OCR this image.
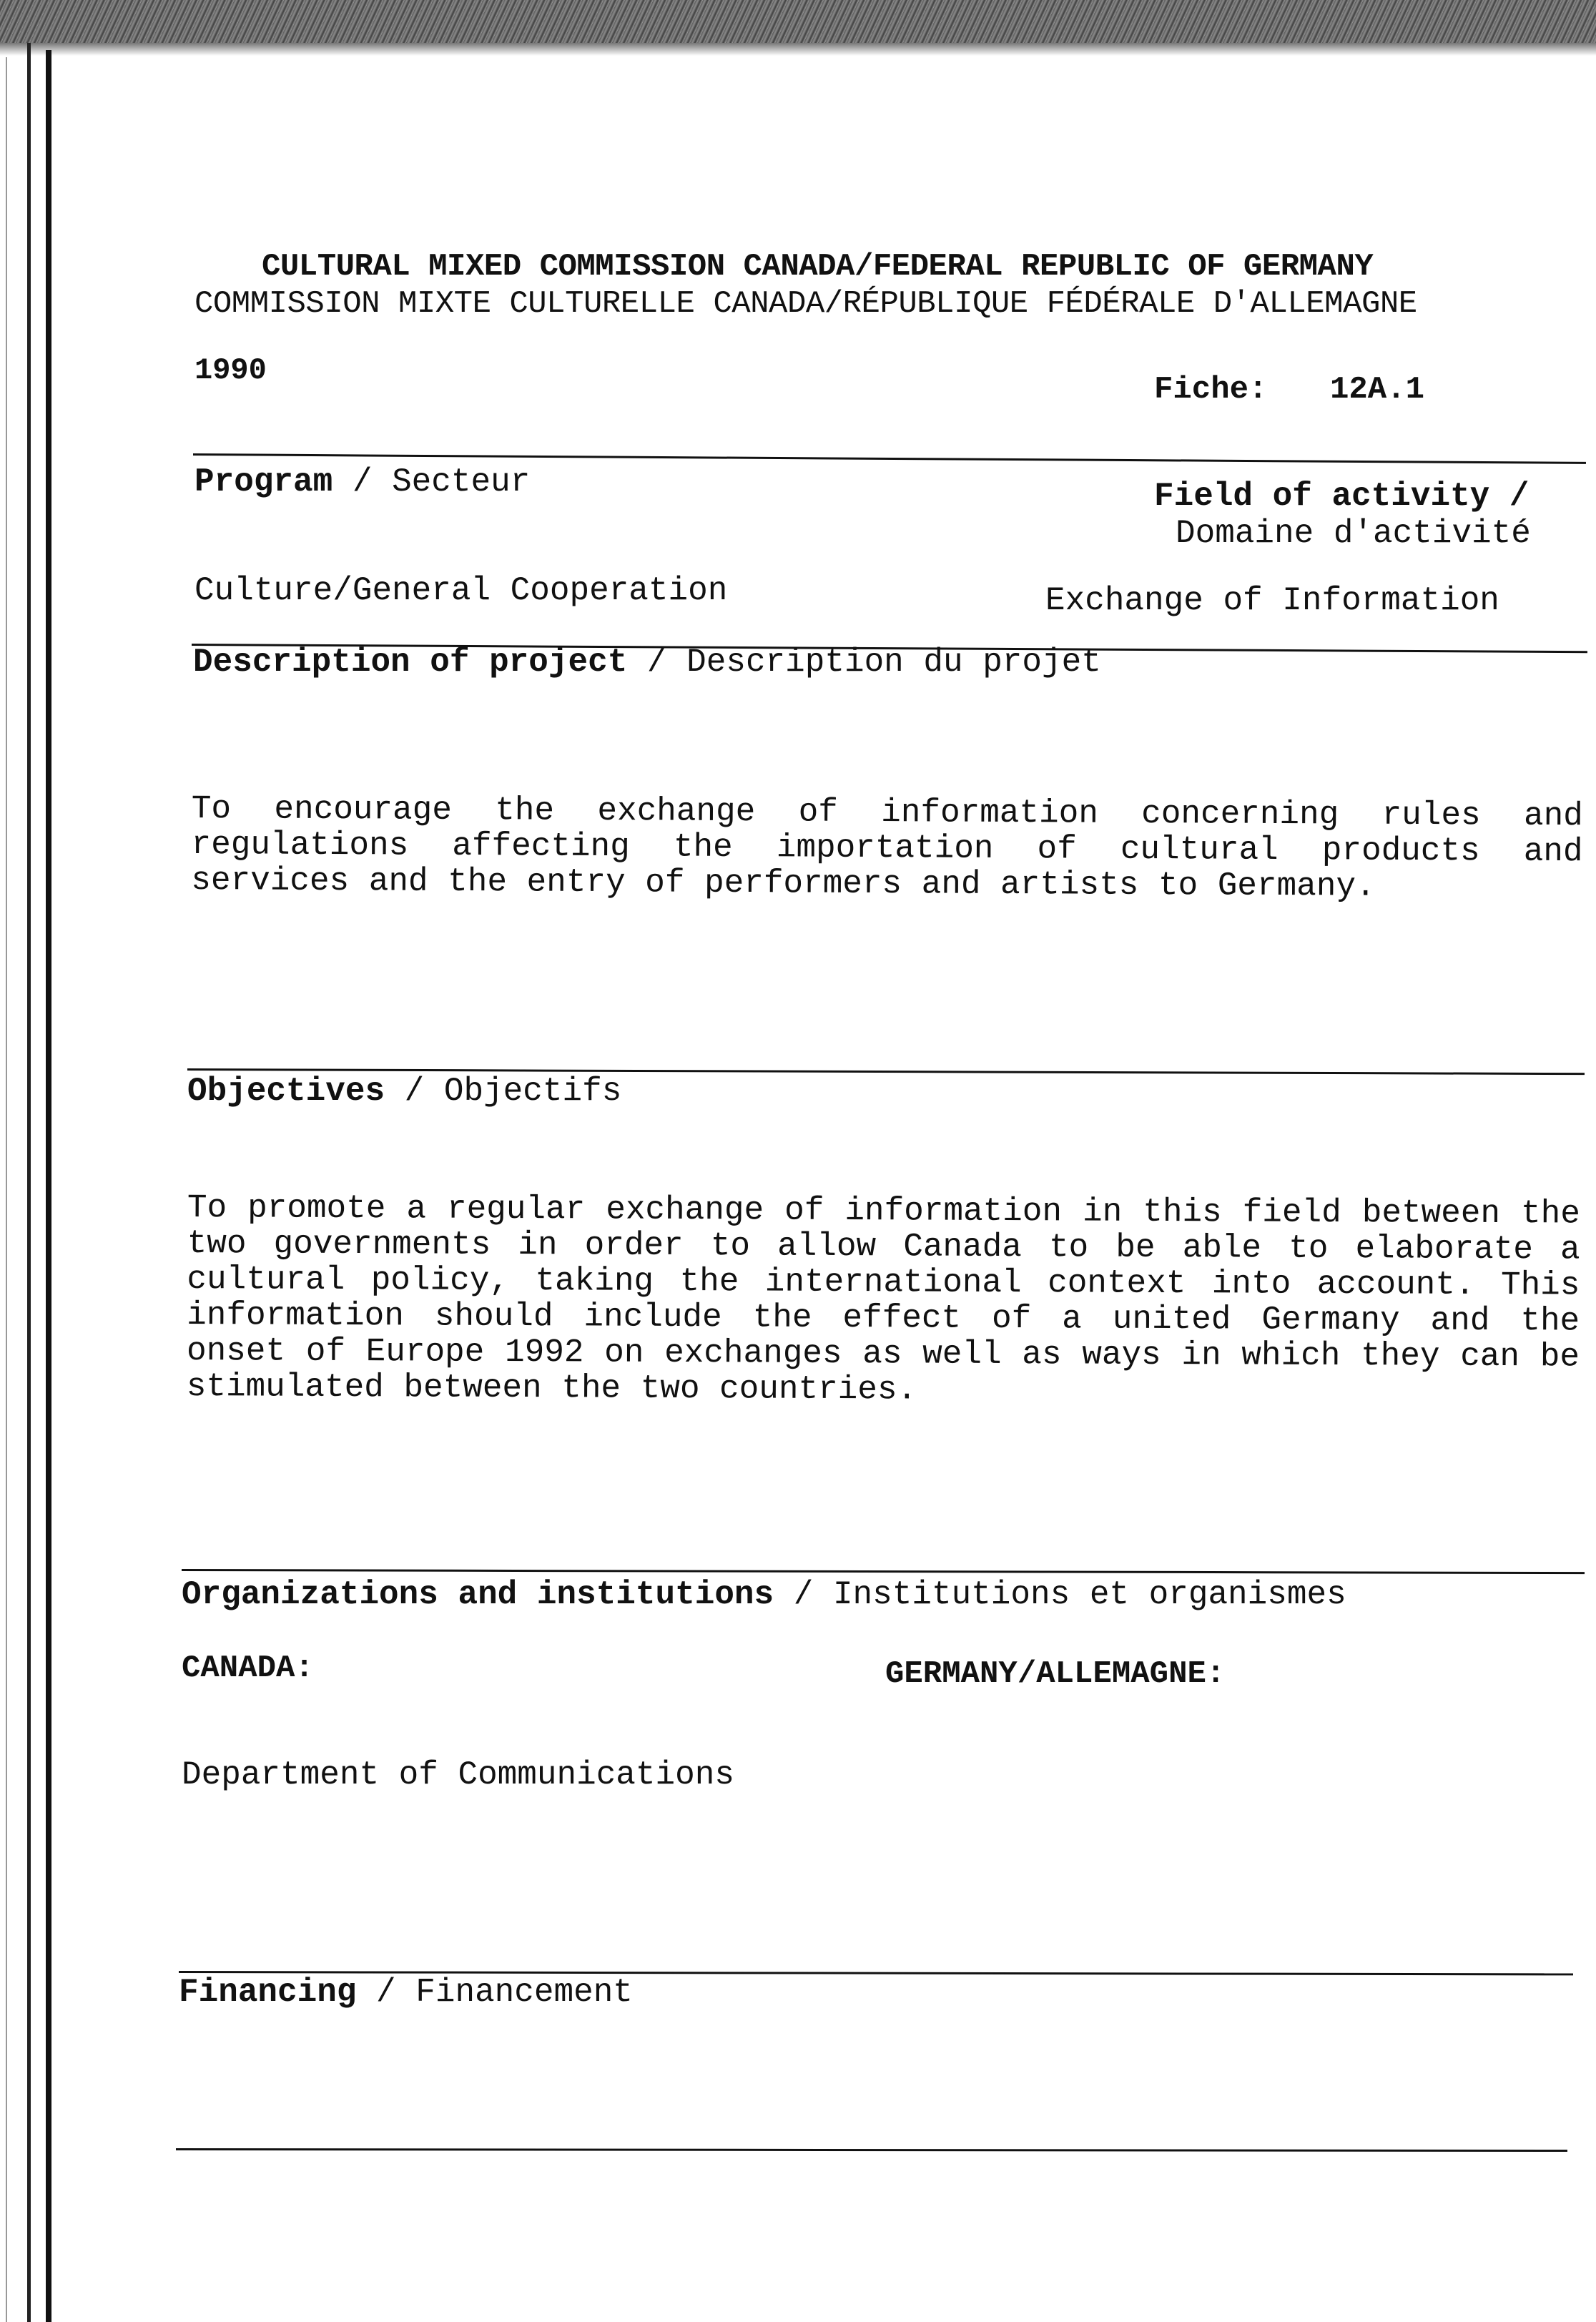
CULTURAL MIXED COMMISSION CANADA/FEDERAL REPUBLIC OF GERMANY
COMMISSION MIXTE CULTURELLE CANADA/RÉPUBLIQUE FÉDÉRALE D'ALLEMAGNE
1990
Fiche: 12A.1
Program / Secteur	Field of activity /
Domaine d'activité
Culture/General Cooperation	Exchange of Information
Description of project / Description du projet
To encourage the exchange of information concerning rules and regulations affecting the importation of cultural products and services and the entry of performers and artists to Germany.
Objectives / Objectifs
To promote a regular exchange of information in this field between the two governments in order to allow Canada to be able to elaborate a cultural policy, taking the international context into account. This information should include the effect of a united Germany and the onset of Europe 1992 on exchanges as well as ways in which they can be stimulated between the two countries.
Organizations and institutions / Institutions et organismes
CANADA:	GERMANY/ALLEMAGNE:
Department of Communications
Financing / Financement
